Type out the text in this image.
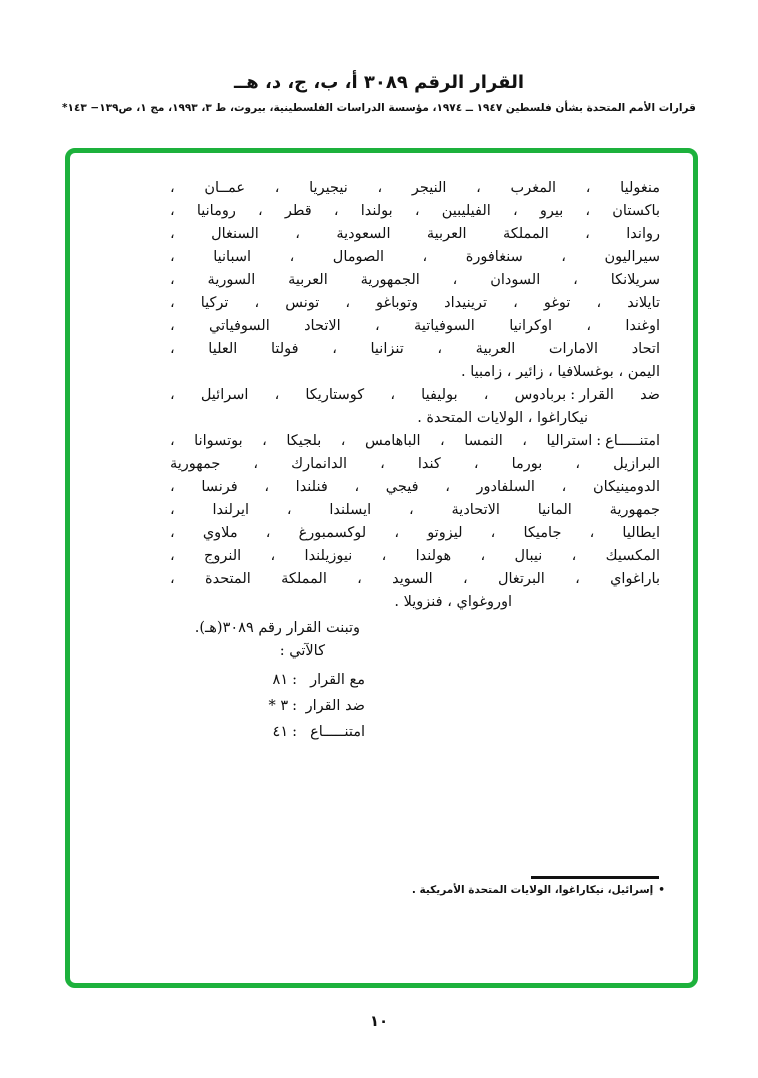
القرار الرقم ٣٠٨٩ أ، ب، ج، د، هــ
قرارات الأمم المتحدة بشأن فلسطين ١٩٤٧ ــ ١٩٧٤، مؤسسة الدراسات الفلسطينية، بيروت، ط ٣، ١٩٩٣، مج ١، ص١٣٩− ١٤٣*
منغوليا ، المغرب ، النيجر ، نيجيريا ، عمــان ،
باكستان ، بيرو ، الفيليبين ، بولندا ، قطر ، رومانيا ،
رواندا ، المملكة العربية السعودية ، السنغال ،
سيراليون ، سنغافورة ، الصومال ، اسبانيا ،
سريلانكا ، السودان ، الجمهورية العربية السورية ،
تايلاند ، توغو ، ترينيداد وتوباغو ، تونس ، تركيا ،
اوغندا ، اوكرانيا السوفياتية ، الاتحاد السوفياتي ،
اتحاد الامارات العربية ، تنزانيا ، فولتا العليا ،
اليمن ، بوغسلافيا ، زائير ، زامبيا .
ضد القرار:بربادوس ، بوليفيا ، كوستاريكا ، اسرائيل ،
نيكاراغوا ، الولايات المتحدة .
امتنـــــاع:استراليا ، النمسا ، الباهامس ، بلجيكا ، بوتسوانا ،
البرازيل ، بورما ، كندا ، الدانمارك ، جمهورية
الدومينيكان ، السلفادور ، فيجي ، فنلندا ، فرنسا ،
جمهورية المانيا الاتحادية ، ايسلندا ، ايرلندا ،
ايطاليا ، جاميكا ، ليزوتو ، لوكسمبورغ ، ملاوي ،
المكسيك ، نيبال ، هولندا ، نيوزيلندا ، النروج ،
باراغواي ، البرتغال ، السويد ، المملكة المتحدة ،
اوروغواي ، فنزويلا .
وتبنت القرار رقم ٣٠٨٩(هـ).
كالآتي :
مع القرار:٨١
ضد القرار:٣ *
امتنـــــاع:٤١
•إسرائيل، نيكاراغوا، الولايات المتحدة الأمريكية .
١٠
